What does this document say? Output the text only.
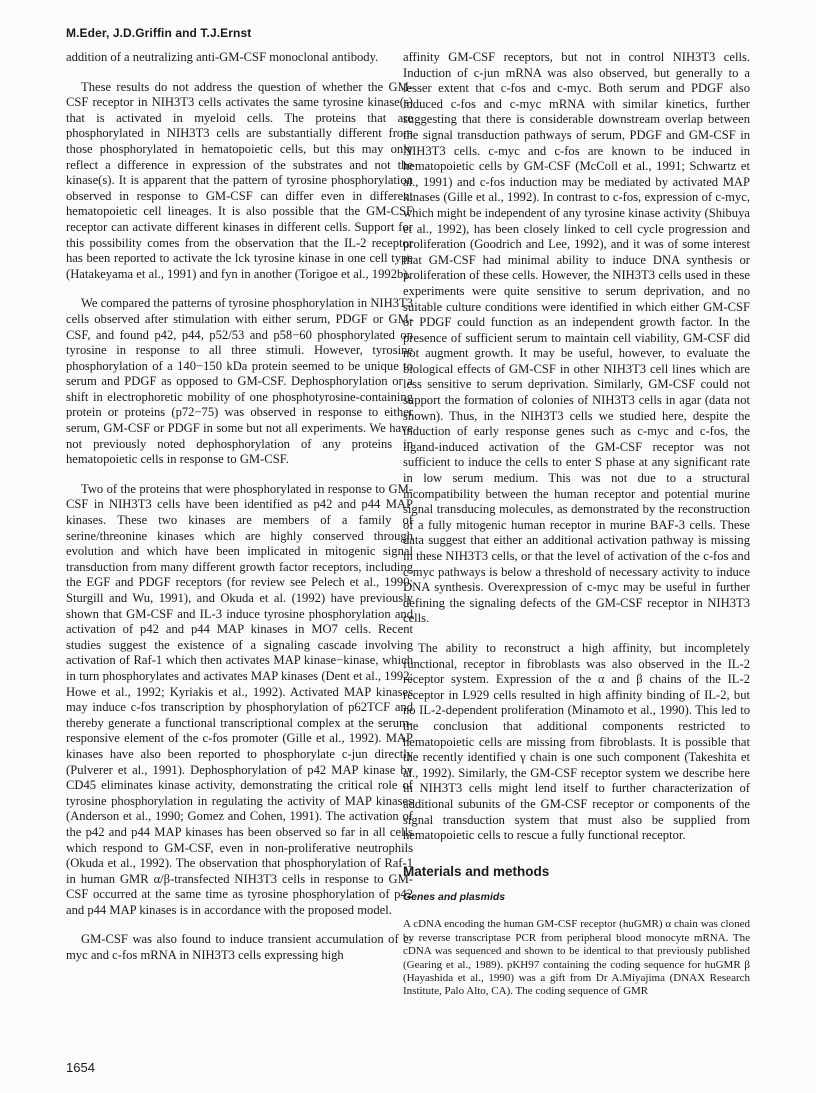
M.Eder, J.D.Griffin and T.J.Ernst

addition of a neutralizing anti-GM-CSF monoclonal antibody.

These results do not address the question of whether the GM-CSF receptor in NIH3T3 cells activates the same tyrosine kinase(s) that is activated in myeloid cells. The proteins that are phosphorylated in NIH3T3 cells are substantially different from those phosphorylated in hematopoietic cells, but this may only reflect a difference in expression of the substrates and not the kinase(s). It is apparent that the pattern of tyrosine phosphorylation observed in response to GM-CSF can differ even in different hematopoietic cell lineages. It is also possible that the GM-CSF receptor can activate different kinases in different cells. Support for this possibility comes from the observation that the IL-2 receptor has been reported to activate the lck tyrosine kinase in one cell type (Hatakeyama et al., 1991) and fyn in another (Torigoe et al., 1992b).

We compared the patterns of tyrosine phosphorylation in NIH3T3 cells observed after stimulation with either serum, PDGF or GM-CSF, and found p42, p44, p52/53 and p58−60 phosphorylated on tyrosine in response to all three stimuli. However, tyrosine phosphorylation of a 140−150 kDa protein seemed to be unique to serum and PDGF as opposed to GM-CSF. Dephosphorylation or a shift in electrophoretic mobility of one phosphotyrosine-containing protein or proteins (p72−75) was observed in response to either serum, GM-CSF or PDGF in some but not all experiments. We have not previously noted dephosphorylation of any proteins in hematopoietic cells in response to GM-CSF.

Two of the proteins that were phosphorylated in response to GM-CSF in NIH3T3 cells have been identified as p42 and p44 MAP kinases. These two kinases are members of a family of serine/threonine kinases which are highly conserved through evolution and which have been implicated in mitogenic signal transduction from many different growth factor receptors, including the EGF and PDGF receptors (for review see Pelech et al., 1990; Sturgill and Wu, 1991), and Okuda et al. (1992) have previously shown that GM-CSF and IL-3 induce tyrosine phosphorylation and activation of p42 and p44 MAP kinases in MO7 cells. Recent studies suggest the existence of a signaling cascade involving activation of Raf-1 which then activates MAP kinase−kinase, which in turn phosphorylates and activates MAP kinases (Dent et al., 1992; Howe et al., 1992; Kyriakis et al., 1992). Activated MAP kinases may induce c-fos transcription by phosphorylation of p62TCF and thereby generate a functional transcriptional complex at the serum-responsive element of the c-fos promoter (Gille et al., 1992). MAP kinases have also been reported to phosphorylate c-jun directly (Pulverer et al., 1991). Dephosphorylation of p42 MAP kinase by CD45 eliminates kinase activity, demonstrating the critical role of tyrosine phosphorylation in regulating the activity of MAP kinases (Anderson et al., 1990; Gomez and Cohen, 1991). The activation of the p42 and p44 MAP kinases has been observed so far in all cells which respond to GM-CSF, even in non-proliferative neutrophils (Okuda et al., 1992). The observation that phosphorylation of Raf-1 in human GMR α/β-transfected NIH3T3 cells in response to GM-CSF occurred at the same time as tyrosine phosphorylation of p42 and p44 MAP kinases is in accordance with the proposed model.

GM-CSF was also found to induce transient accumulation of c-myc and c-fos mRNA in NIH3T3 cells expressing high

affinity GM-CSF receptors, but not in control NIH3T3 cells. Induction of c-jun mRNA was also observed, but generally to a lesser extent that c-fos and c-myc. Both serum and PDGF also induced c-fos and c-myc mRNA with similar kinetics, further suggesting that there is considerable downstream overlap between the signal transduction pathways of serum, PDGF and GM-CSF in NIH3T3 cells. c-myc and c-fos are known to be induced in hematopoietic cells by GM-CSF (McColl et al., 1991; Schwartz et al., 1991) and c-fos induction may be mediated by activated MAP kinases (Gille et al., 1992). In contrast to c-fos, expression of c-myc, which might be independent of any tyrosine kinase activity (Shibuya et al., 1992), has been closely linked to cell cycle progression and proliferation (Goodrich and Lee, 1992), and it was of some interest that GM-CSF had minimal ability to induce DNA synthesis or proliferation of these cells. However, the NIH3T3 cells used in these experiments were quite sensitive to serum deprivation, and no suitable culture conditions were identified in which either GM-CSF or PDGF could function as an independent growth factor. In the presence of sufficient serum to maintain cell viability, GM-CSF did not augment growth. It may be useful, however, to evaluate the biological effects of GM-CSF in other NIH3T3 cell lines which are less sensitive to serum deprivation. Similarly, GM-CSF could not support the formation of colonies of NIH3T3 cells in agar (data not shown). Thus, in the NIH3T3 cells we studied here, despite the induction of early response genes such as c-myc and c-fos, the ligand-induced activation of the GM-CSF receptor was not sufficient to induce the cells to enter S phase at any significant rate in low serum medium. This was not due to a structural incompatibility between the human receptor and potential murine signal transducing molecules, as demonstrated by the reconstruction of a fully mitogenic human receptor in murine BAF-3 cells. These data suggest that either an additional activation pathway is missing in these NIH3T3 cells, or that the level of activation of the c-fos and c-myc pathways is below a threshold of necessary activity to induce DNA synthesis. Overexpression of c-myc may be useful in further defining the signaling defects of the GM-CSF receptor in NIH3T3 cells.

The ability to reconstruct a high affinity, but incompletely functional, receptor in fibroblasts was also observed in the IL-2 receptor system. Expression of the α and β chains of the IL-2 receptor in L929 cells resulted in high affinity binding of IL-2, but no IL-2-dependent proliferation (Minamoto et al., 1990). This led to the conclusion that additional components restricted to hematopoietic cells are missing from fibroblasts. It is possible that the recently identified γ chain is one such component (Takeshita et al., 1992). Similarly, the GM-CSF receptor system we describe here in NIH3T3 cells might lend itself to further characterization of additional subunits of the GM-CSF receptor or components of the signal transduction system that must also be supplied from hematopoietic cells to rescue a fully functional receptor.

Materials and methods

Genes and plasmids

A cDNA encoding the human GM-CSF receptor (huGMR) α chain was cloned by reverse transcriptase PCR from peripheral blood monocyte mRNA. The cDNA was sequenced and shown to be identical to that previously published (Gearing et al., 1989). pKH97 containing the coding sequence for huGMR β (Hayashida et al., 1990) was a gift from Dr A.Miyajima (DNAX Research Institute, Palo Alto, CA). The coding sequence of GMR

1654
